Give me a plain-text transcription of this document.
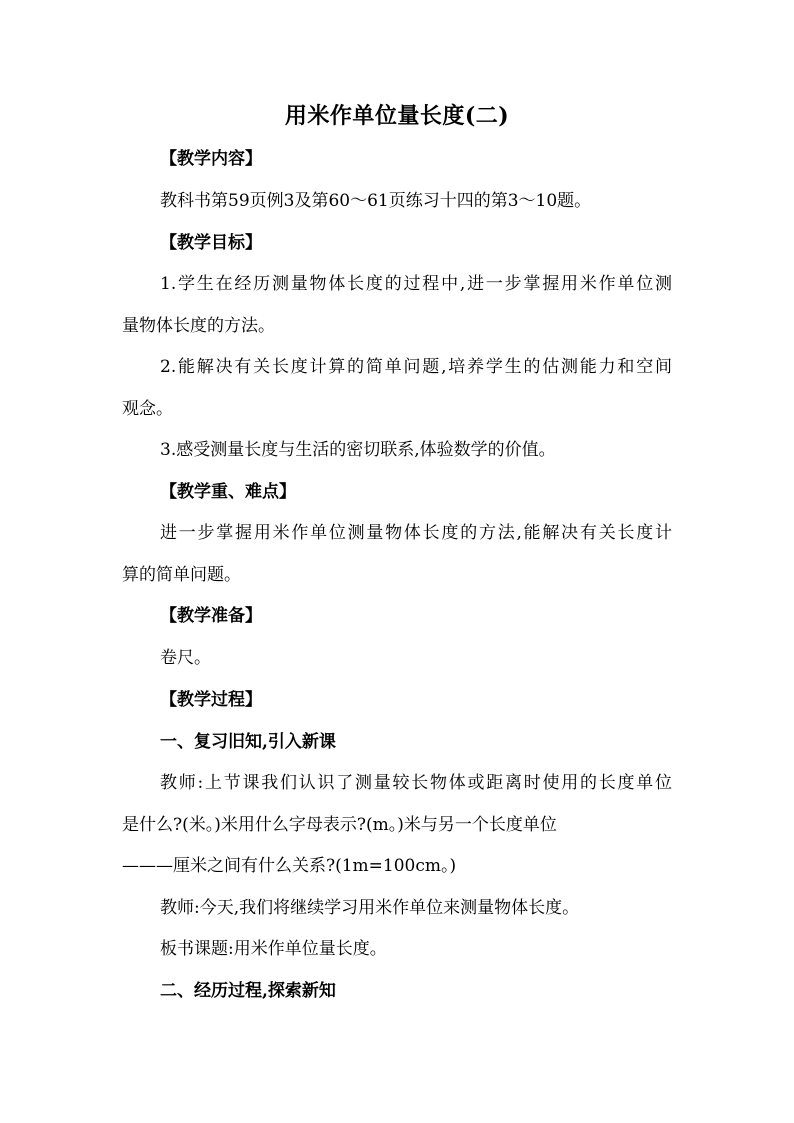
用米作单位量长度(二)
【教学内容】
教科书第59页例3及第60～61页练习十四的第3～10题。
【教学目标】
1.学生在经历测量物体长度的过程中,进一步掌握用米作单位测
量物体长度的方法。
2.能解决有关长度计算的简单问题,培养学生的估测能力和空间
观念。
3.感受测量长度与生活的密切联系,体验数学的价值。
【教学重、难点】
进一步掌握用米作单位测量物体长度的方法,能解决有关长度计
算的简单问题。
【教学准备】
卷尺。
【教学过程】
一、复习旧知,引入新课
教师:上节课我们认识了测量较长物体或距离时使用的长度单位
是什么?(米。)米用什么字母表示?(m。)米与另一个长度单位
———厘米之间有什么关系?(1m=100cm。)
教师:今天,我们将继续学习用米作单位来测量物体长度。
板书课题:用米作单位量长度。
二、经历过程,探索新知
